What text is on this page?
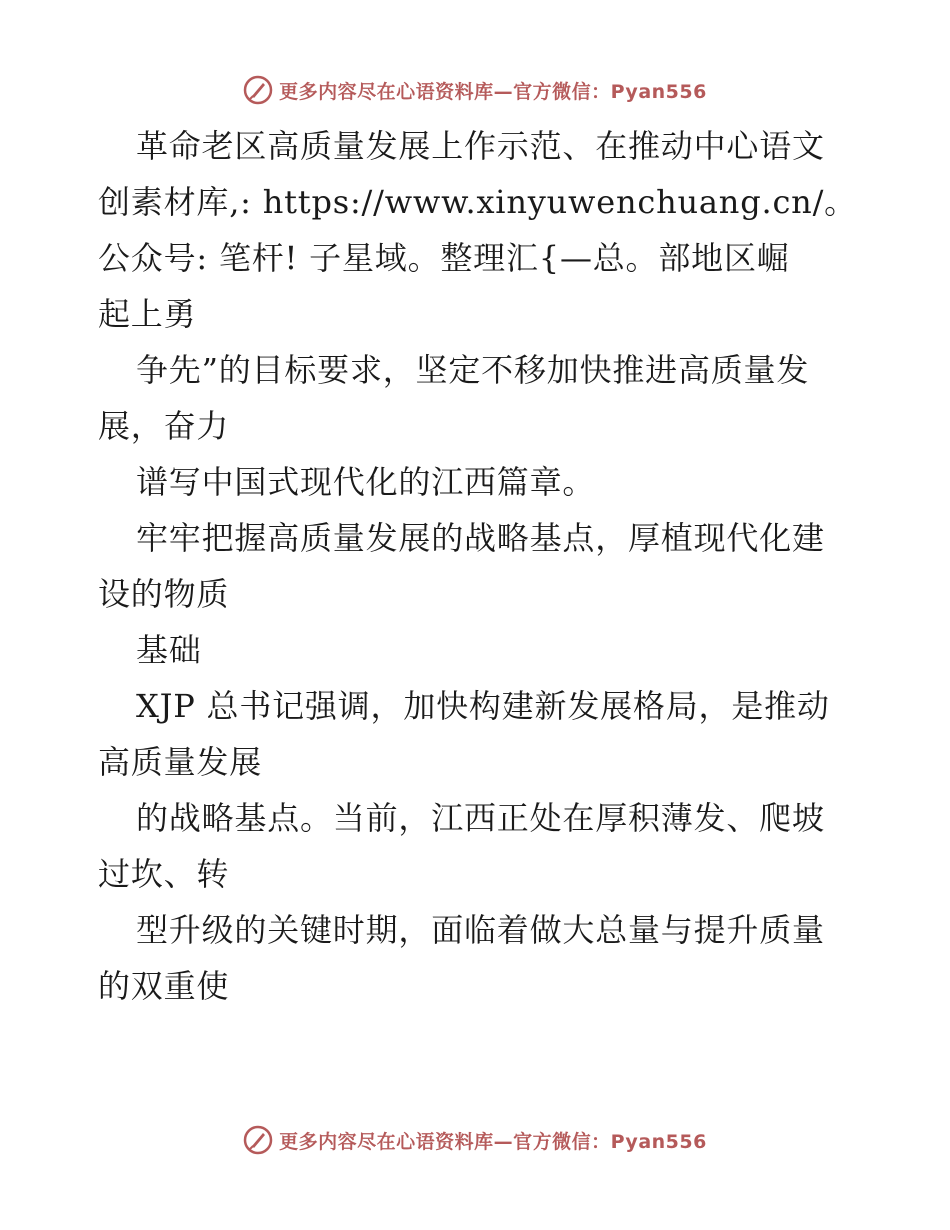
更多内容尽在心语资料库—官方微信：Pyan556
革命老区高质量发展上作示范、在推动中心语文
创素材库,: https://www.xinyuwenchuang.cn/。
公众号: 笔杆! 子星域。整理汇{—总。部地区崛
起上勇
争先”的目标要求，坚定不移加快推进高质量发
展，奋力
谱写中国式现代化的江西篇章。
牢牢把握高质量发展的战略基点，厚植现代化建
设的物质
基础
XJP 总书记强调，加快构建新发展格局，是推动
高质量发展
的战略基点。当前，江西正处在厚积薄发、爬坡
过坎、转
型升级的关键时期，面临着做大总量与提升质量
的双重使
更多内容尽在心语资料库—官方微信：Pyan556
